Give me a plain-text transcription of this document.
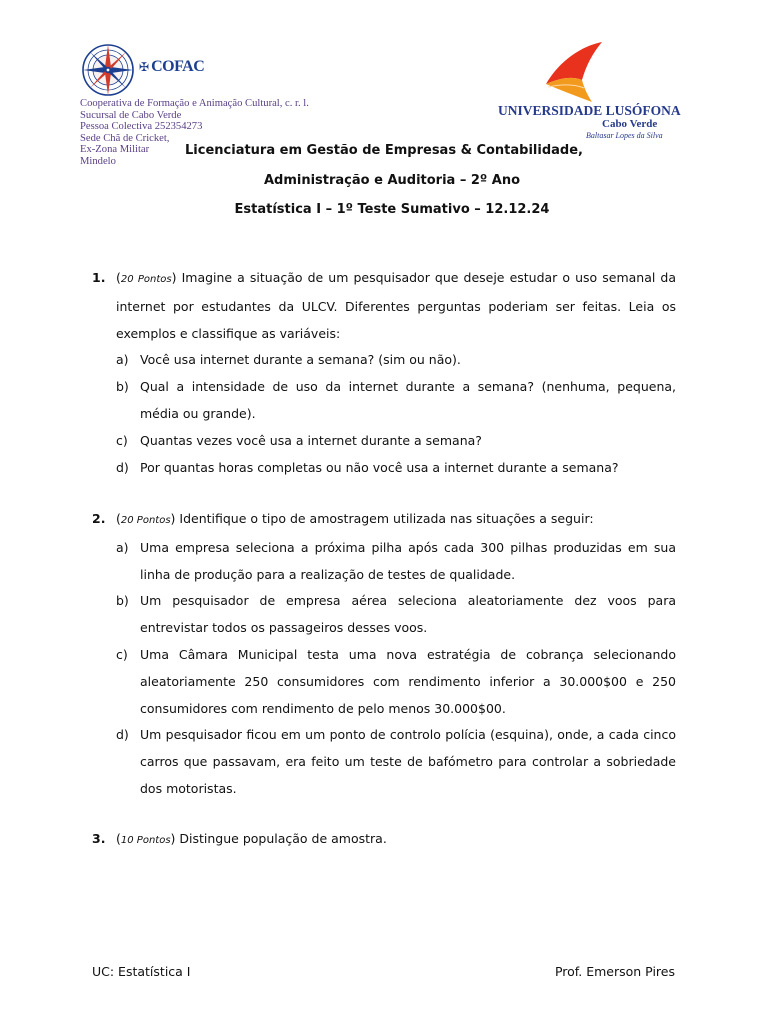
✠ COFAC
Cooperativa de Formação e Animação Cultural, c. r. l.
Sucursal de Cabo Verde
Pessoa Colectiva 252354273
Sede Chã de Cricket,
Ex-Zona Militar
Mindelo
UNIVERSIDADE LUSÓFONA
Cabo Verde
Baltasar Lopes da Silva
Licenciatura em Gestão de Empresas & Contabilidade,
Administração e Auditoria – 2º Ano
Estatística I – 1º Teste Sumativo – 12.12.24
1. (20 Pontos) Imagine a situação de um pesquisador que deseje estudar o uso semanal da internet por estudantes da ULCV. Diferentes perguntas poderiam ser feitas. Leia os exemplos e classifique as variáveis:
a) Você usa internet durante a semana? (sim ou não).
b) Qual a intensidade de uso da internet durante a semana? (nenhuma, pequena, média ou grande).
c) Quantas vezes você usa a internet durante a semana?
d) Por quantas horas completas ou não você usa a internet durante a semana?
2. (20 Pontos) Identifique o tipo de amostragem utilizada nas situações a seguir:
a) Uma empresa seleciona a próxima pilha após cada 300 pilhas produzidas em sua linha de produção para a realização de testes de qualidade.
b) Um pesquisador de empresa aérea seleciona aleatoriamente dez voos para entrevistar todos os passageiros desses voos.
c) Uma Câmara Municipal testa uma nova estratégia de cobrança selecionando aleatoriamente 250 consumidores com rendimento inferior a 30.000$00 e 250 consumidores com rendimento de pelo menos 30.000$00.
d) Um pesquisador ficou em um ponto de controlo polícia (esquina), onde, a cada cinco carros que passavam, era feito um teste de bafómetro para controlar a sobriedade dos motoristas.
3. (10 Pontos) Distingue população de amostra.
UC: Estatística I	Prof. Emerson Pires
